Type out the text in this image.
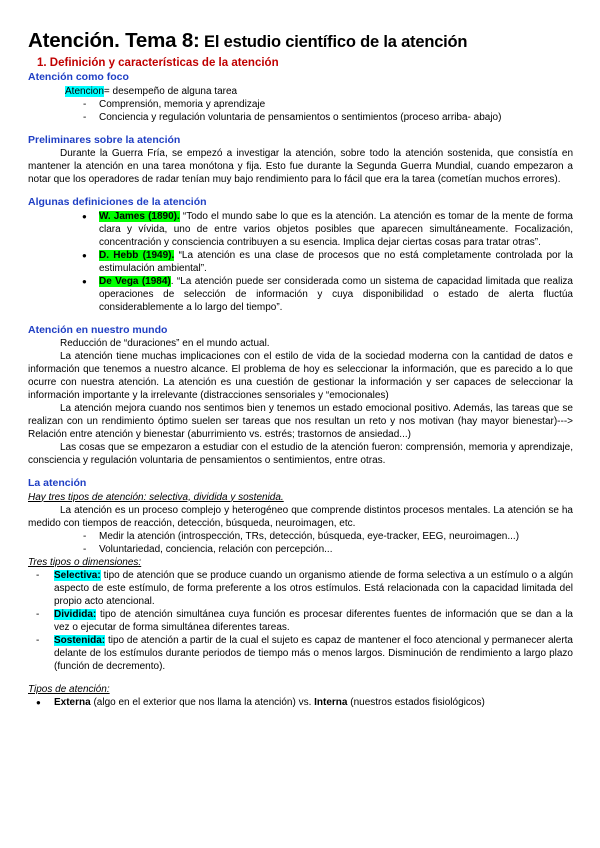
Atención. Tema 8: El estudio científico de la atención
1. Definición y características de la atención
Atención como foco
Atencion= desempeño de alguna tarea
- Comprensión, memoria y aprendizaje
- Conciencia y regulación voluntaria de pensamientos o sentimientos (proceso arriba- abajo)
Preliminares sobre la atención

Durante la Guerra Fría, se empezó a investigar la atención, sobre todo la atención sostenida, que consistía en mantener la atención en una tarea monótona y fija. Esto fue durante la Segunda Guerra Mundial, cuando empezaron a notar que los operadores de radar tenían muy bajo rendimiento para lo fácil que era la tarea (cometían muchos errores).

Algunas definiciones de la atención
● W. James (1890). “Todo el mundo sabe lo que es la atención. La atención es tomar de la mente de forma clara y vívida, uno de entre varios objetos posibles que aparecen simultáneamente. Focalización, concentración y consciencia contribuyen a su esencia. Implica dejar ciertas cosas para tratar otras”.
● D. Hebb (1949). “La atención es una clase de procesos que no está completamente controlada por la estimulación ambiental”.
● De Vega (1984). “La atención puede ser considerada como un sistema de capacidad limitada que realiza operaciones de selección de información y cuya disponibilidad o estado de alerta fluctúa considerablemente a lo largo del tiempo”.
Atención en nuestro mundo

Reducción de “duraciones” en el mundo actual.

La atención tiene muchas implicaciones con el estilo de vida de la sociedad moderna con la cantidad de datos e información que tenemos a nuestro alcance. El problema de hoy es seleccionar la información, que es parecido a lo que ocurre con nuestra atención. La atención es una cuestión de gestionar la información y ser capaces de seleccionar la información importante y la irrelevante (distracciones sensoriales y “emocionales)

La atención mejora cuando nos sentimos bien y tenemos un estado emocional positivo. Además, las tareas que se realizan con un rendimiento óptimo suelen ser tareas que nos resultan un reto y nos motivan (hay mayor bienestar)---> Relación entre atención y bienestar (aburrimiento vs. estrés; trastornos de ansiedad...)

Las cosas que se empezaron a estudiar con el estudio de la atención fueron: comprensión, memoria y aprendizaje, consciencia y regulación voluntaria de pensamientos o sentimientos, entre otras.

La atención
Hay tres tipos de atención: selectiva, dividida y sostenida.

La atención es un proceso complejo y heterogéneo que comprende distintos procesos mentales. La atención se ha medido con tiempos de reacción, detección, búsqueda, neuroimagen, etc.

- Medir la atención (introspección, TRs, detección, búsqueda, eye-tracker, EEG, neuroimagen...)
- Voluntariedad, conciencia, relación con percepción...
Tres tipos o dimensiones:
- Selectiva: tipo de atención que se produce cuando un organismo atiende de forma selectiva a un estímulo o a algún aspecto de este estímulo, de forma preferente a los otros estímulos. Está relacionada con la capacidad limitada del propio acto atencional.
- Dividida: tipo de atención simultánea cuya función es procesar diferentes fuentes de información que se dan a la vez o ejecutar de forma simultánea diferentes tareas.
- Sostenida: tipo de atención a partir de la cual el sujeto es capaz de mantener el foco atencional y permanecer alerta delante de los estímulos durante periodos de tiempo más o menos largos. Disminución de rendimiento a largo plazo (función de decremento).
Tipos de atención:
● Externa (algo en el exterior que nos llama la atención) vs. Interna (nuestros estados fisiológicos)
